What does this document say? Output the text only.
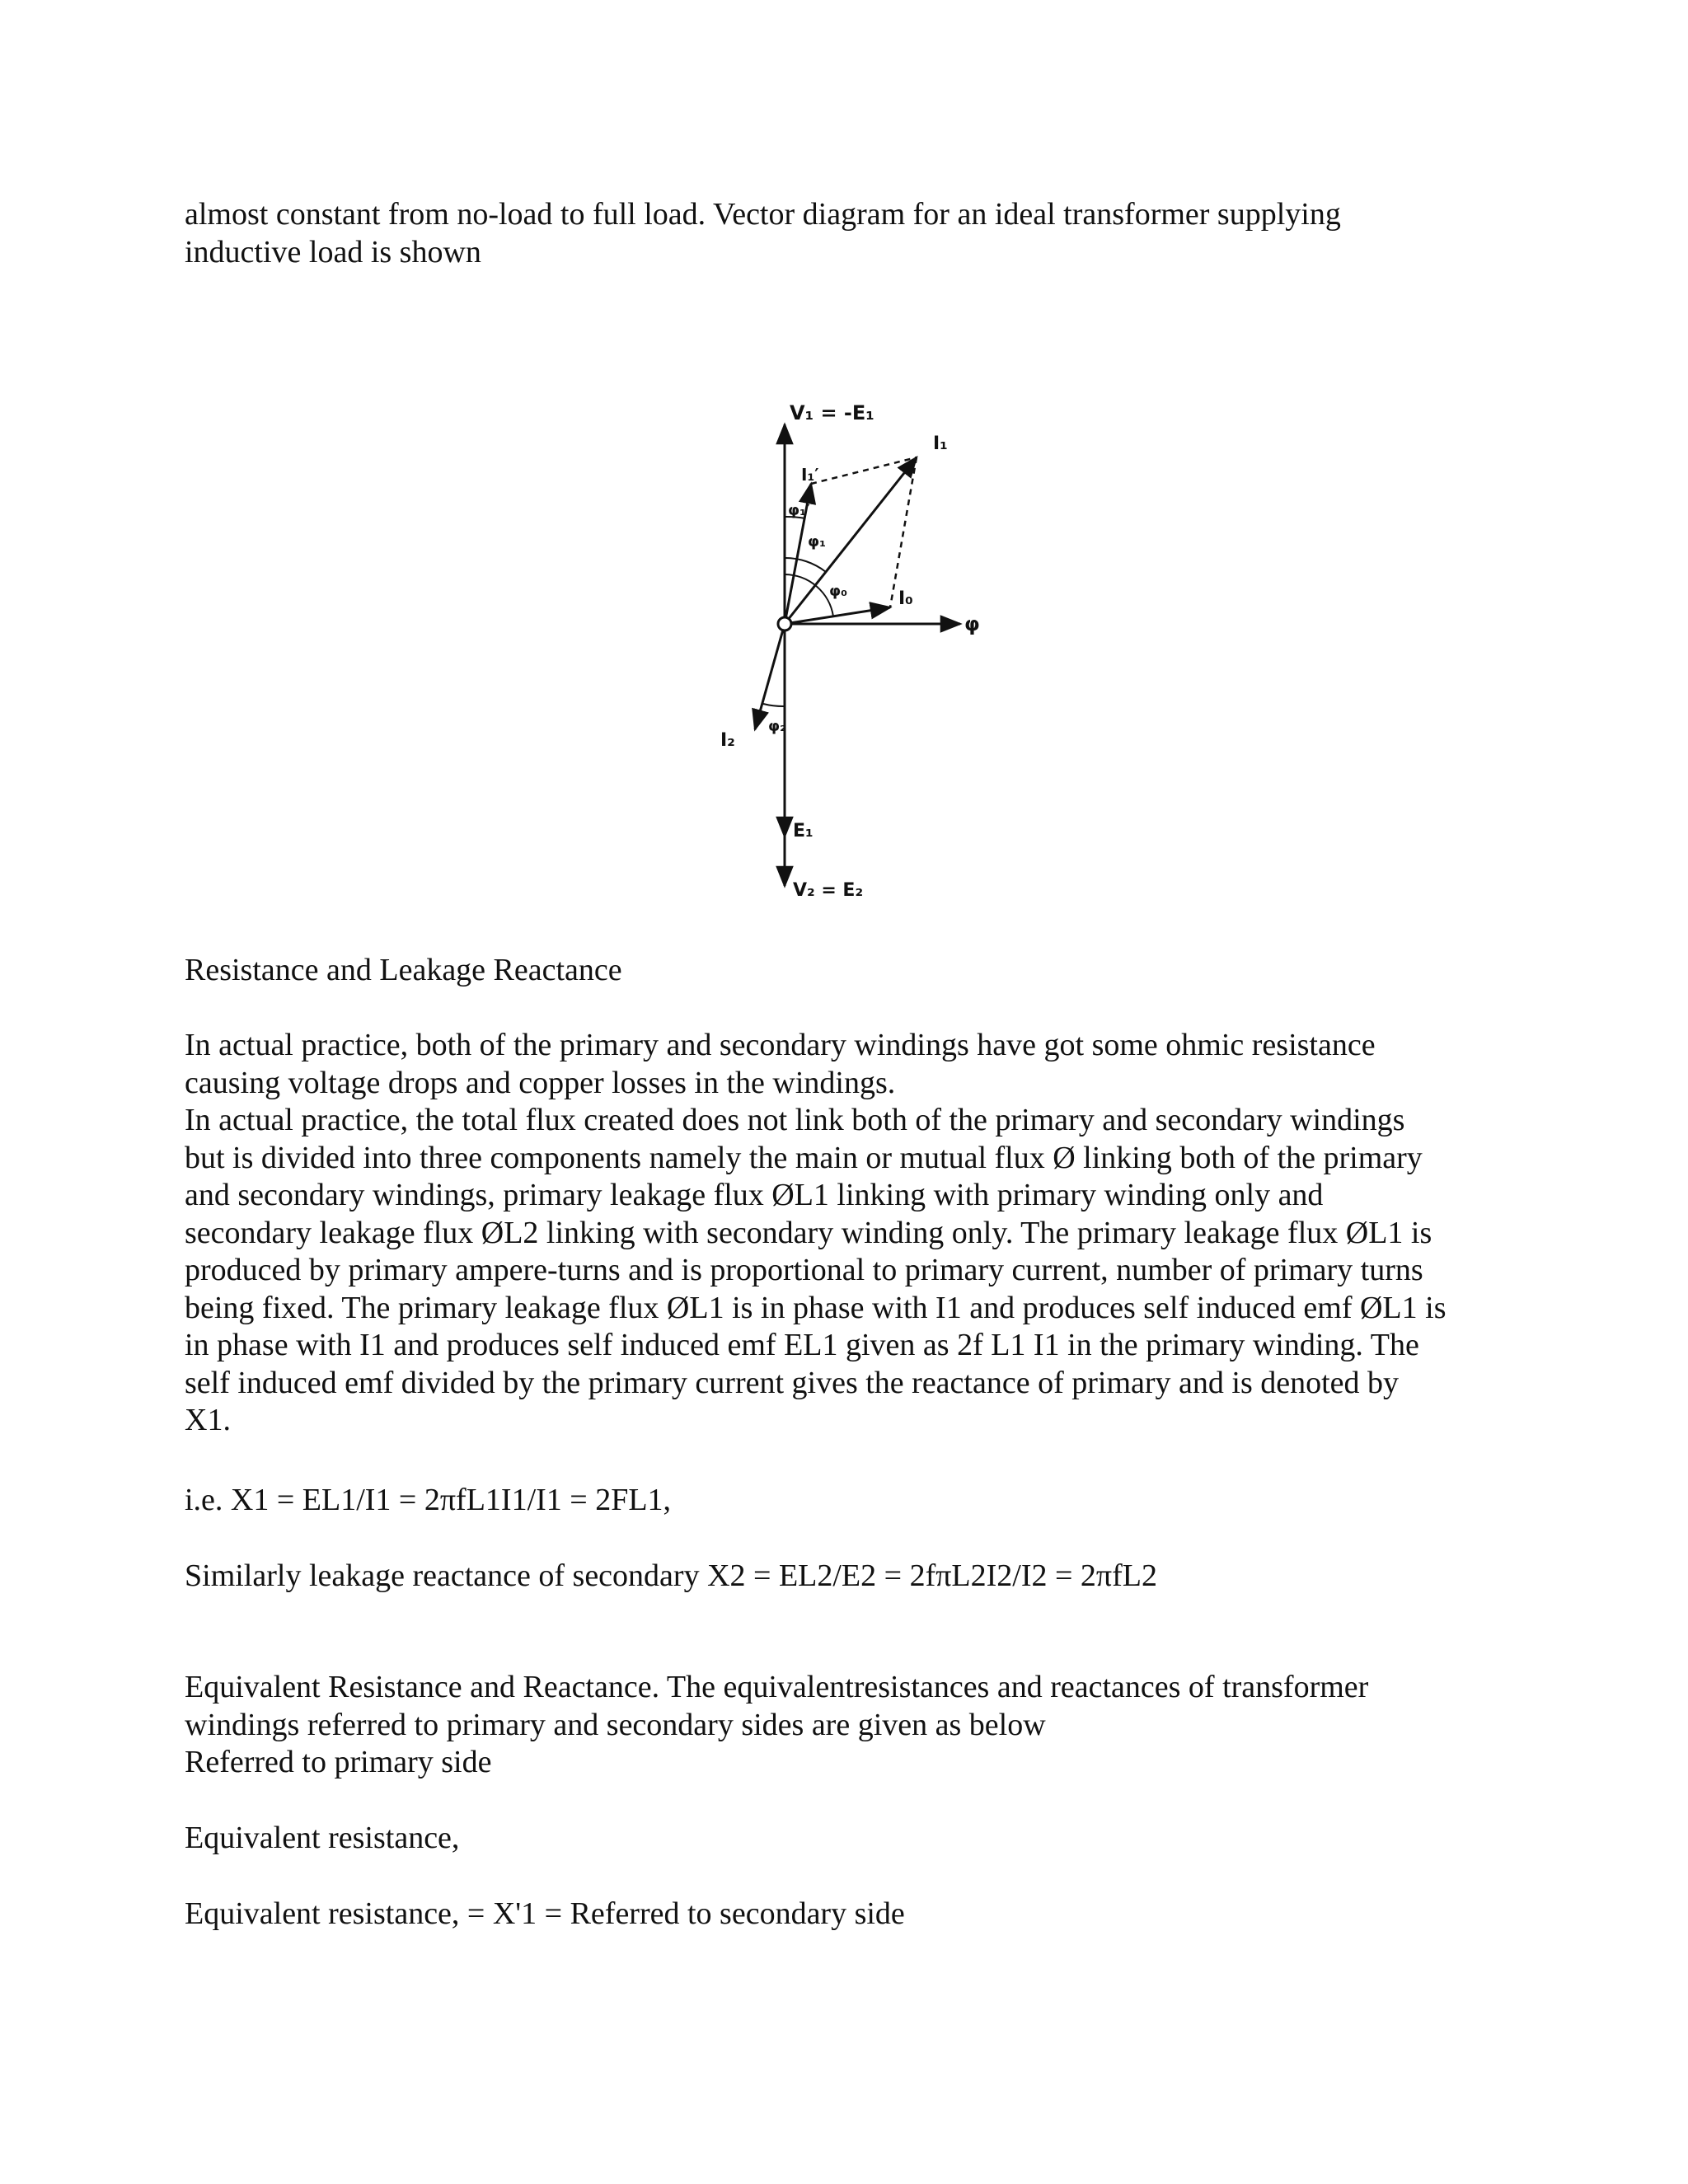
almost constant from no-load to full load. Vector diagram for an ideal transformer supplying
inductive load is shown

V₁ = -E₁
I₁
I₁′
φ₁′
φ₁
φ₀	I₀
φ
I₂
φ₂
E₁
V₂ = E₂

Resistance and Leakage Reactance

In actual practice, both of the primary and secondary windings have got some ohmic resistance
causing voltage drops and copper losses in the windings.
In actual practice, the total flux created does not link both of the primary and secondary windings
but is divided into three components namely the main or mutual flux Ø linking both of the primary
and secondary windings, primary leakage flux ØL1 linking with primary winding only and
secondary leakage flux ØL2 linking with secondary winding only. The primary leakage flux ØL1 is
produced by primary ampere-turns and is proportional to primary current, number of primary turns
being fixed. The primary leakage flux ØL1 is in phase with I1 and produces self induced emf ØL1 is
in phase with I1 and produces self induced emf EL1 given as 2f L1 I1 in the primary winding. The
self induced emf divided by the primary current gives the reactance of primary and is denoted by
X1.

i.e. X1 = EL1/I1 = 2πfL1I1/I1 = 2FL1,

Similarly leakage reactance of secondary X2 = EL2/E2 = 2fπL2I2/I2 = 2πfL2

Equivalent Resistance and Reactance. The equivalentresistances and reactances of transformer
windings referred to primary and secondary sides are given as below
Referred to primary side

Equivalent resistance,

Equivalent resistance, = X'1 = Referred to secondary side
